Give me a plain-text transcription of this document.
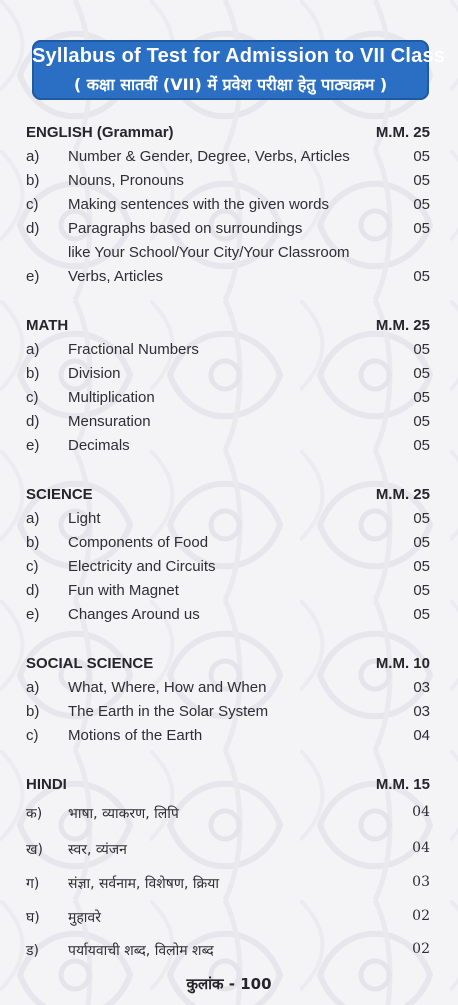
Syllabus of Test for Admission to VII Class
( कक्षा सातवीं (VII) में प्रवेश परीक्षा हेतु पाठ्यक्रम )
ENGLISH (Grammar)	M.M. 25
a) Number & Gender, Degree, Verbs, Articles	05
b) Nouns, Pronouns	05
c) Making sentences with the given words	05
d) Paragraphs based on surroundings	05
like Your School/Your City/Your Classroom
e) Verbs, Articles	05
MATH	M.M. 25
a) Fractional Numbers	05
b) Division	05
c) Multiplication	05
d) Mensuration	05
e) Decimals	05
SCIENCE	M.M. 25
a) Light	05
b) Components of Food	05
c) Electricity and Circuits	05
d) Fun with Magnet	05
e) Changes Around us	05
SOCIAL SCIENCE	M.M. 10
a) What, Where, How and When	03
b) The Earth in the Solar System	03
c) Motions of the Earth	04
HINDI	M.M. 15
क) भाषा, व्याकरण, लिपि	04
ख) स्वर, व्यंजन	04
ग) संज्ञा, सर्वनाम, विशेषण, क्रिया	03
घ) मुहावरे	02
ड) पर्यायवाची शब्द, विलोम शब्द	02
कुलांक - 100
